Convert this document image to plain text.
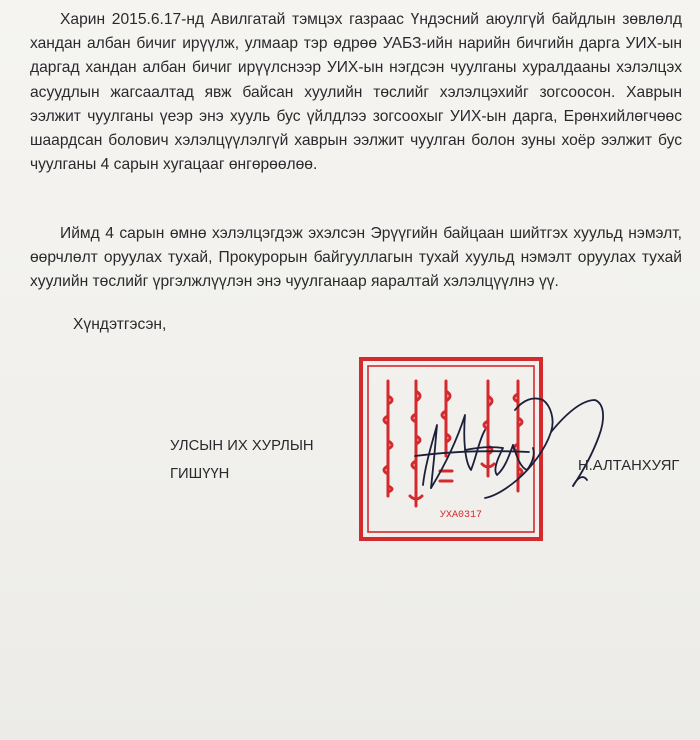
Харин 2015.6.17-нд Авилгатай тэмцэх газраас Үндэсний аюулгүй байдлын зөвлөлд хандан албан бичиг ирүүлж, улмаар тэр өдрөө УАБЗ-ийн нарийн бичгийн дарга УИХ-ын даргад хандан албан бичиг ирүүлснээр УИХ-ын нэгдсэн чуулганы хуралдааны хэлэлцэх асуудлын жагсаалтад явж байсан хуулийн төслийг хэлэлцэхийг зогсоосон. Хаврын ээлжит чуулганы үеэр энэ хууль бус үйлдлээ зогсоохыг УИХ-ын дарга, Ерөнхийлөгчөөс шаардсан болович хэлэлцүүлэлгүй хаврын ээлжит чуулган болон зуны хоёр ээлжит бус чуулганы 4 сарын хугацааг өнгөрөөлөө.

Иймд 4 сарын өмнө хэлэлцэгдэж эхэлсэн Эрүүгийн байцаан шийтгэх хуульд нэмэлт, өөрчлөлт оруулах тухай, Прокурорын байгууллагын тухай хуульд нэмэлт оруулах тухай хуулийн төслийг үргэлжлүүлэн энэ чуулганаар яаралтай хэлэлцүүлнэ үү.

Хүндэтгэсэн,

УЛСЫН ИХ ХУРЛЫН
ГИШҮҮН
УХА0317

Н.АЛТАНХУЯГ
